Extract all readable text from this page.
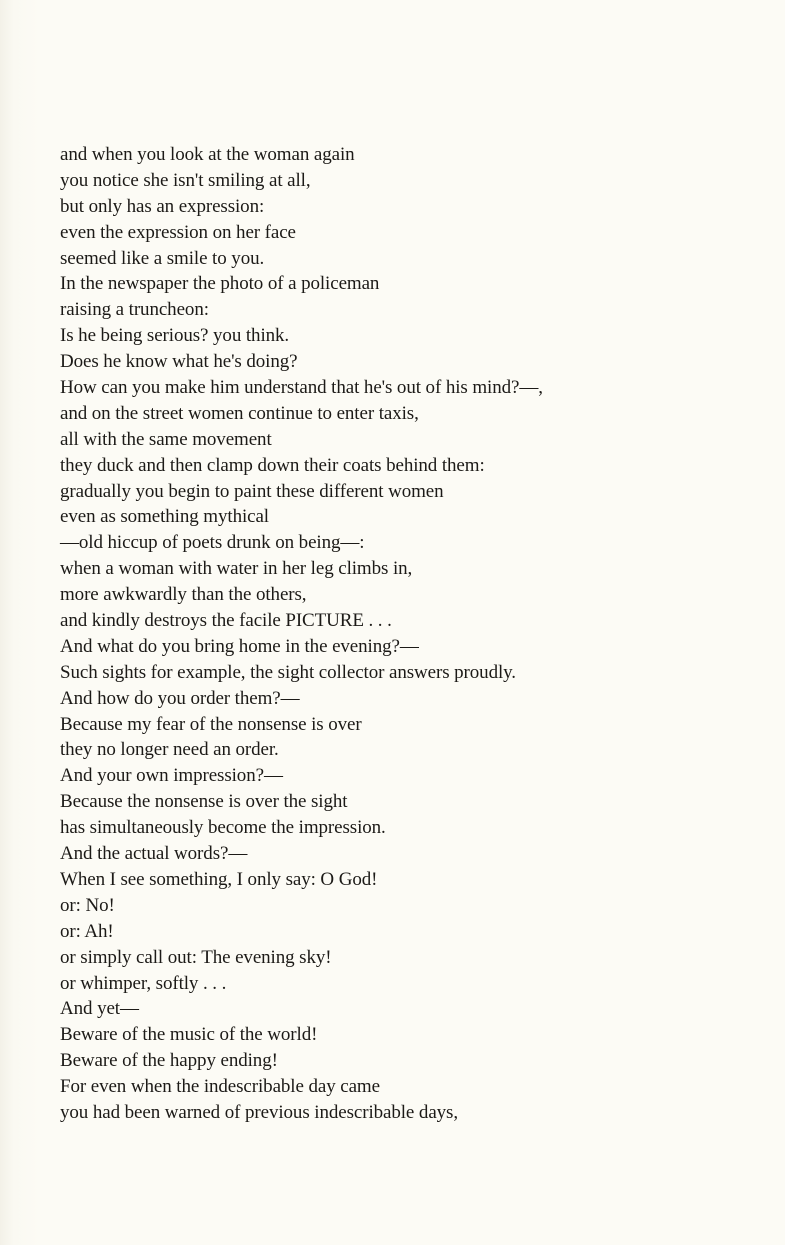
and when you look at the woman again
you notice she isn't smiling at all,
but only has an expression:
even the expression on her face
seemed like a smile to you.
In the newspaper the photo of a policeman
raising a truncheon:
Is he being serious? you think.
Does he know what he's doing?
How can you make him understand that he's out of his mind?—,
and on the street women continue to enter taxis,
all with the same movement
they duck and then clamp down their coats behind them:
gradually you begin to paint these different women
even as something mythical
—old hiccup of poets drunk on being—:
when a woman with water in her leg climbs in,
more awkwardly than the others,
and kindly destroys the facile PICTURE . . .
And what do you bring home in the evening?—
Such sights for example, the sight collector answers proudly.
And how do you order them?—
Because my fear of the nonsense is over
they no longer need an order.
And your own impression?—
Because the nonsense is over the sight
has simultaneously become the impression.
And the actual words?—
When I see something, I only say: O God!
or: No!
or: Ah!
or simply call out: The evening sky!
or whimper, softly . . .
And yet—
Beware of the music of the world!
Beware of the happy ending!
For even when the indescribable day came
you had been warned of previous indescribable days,
